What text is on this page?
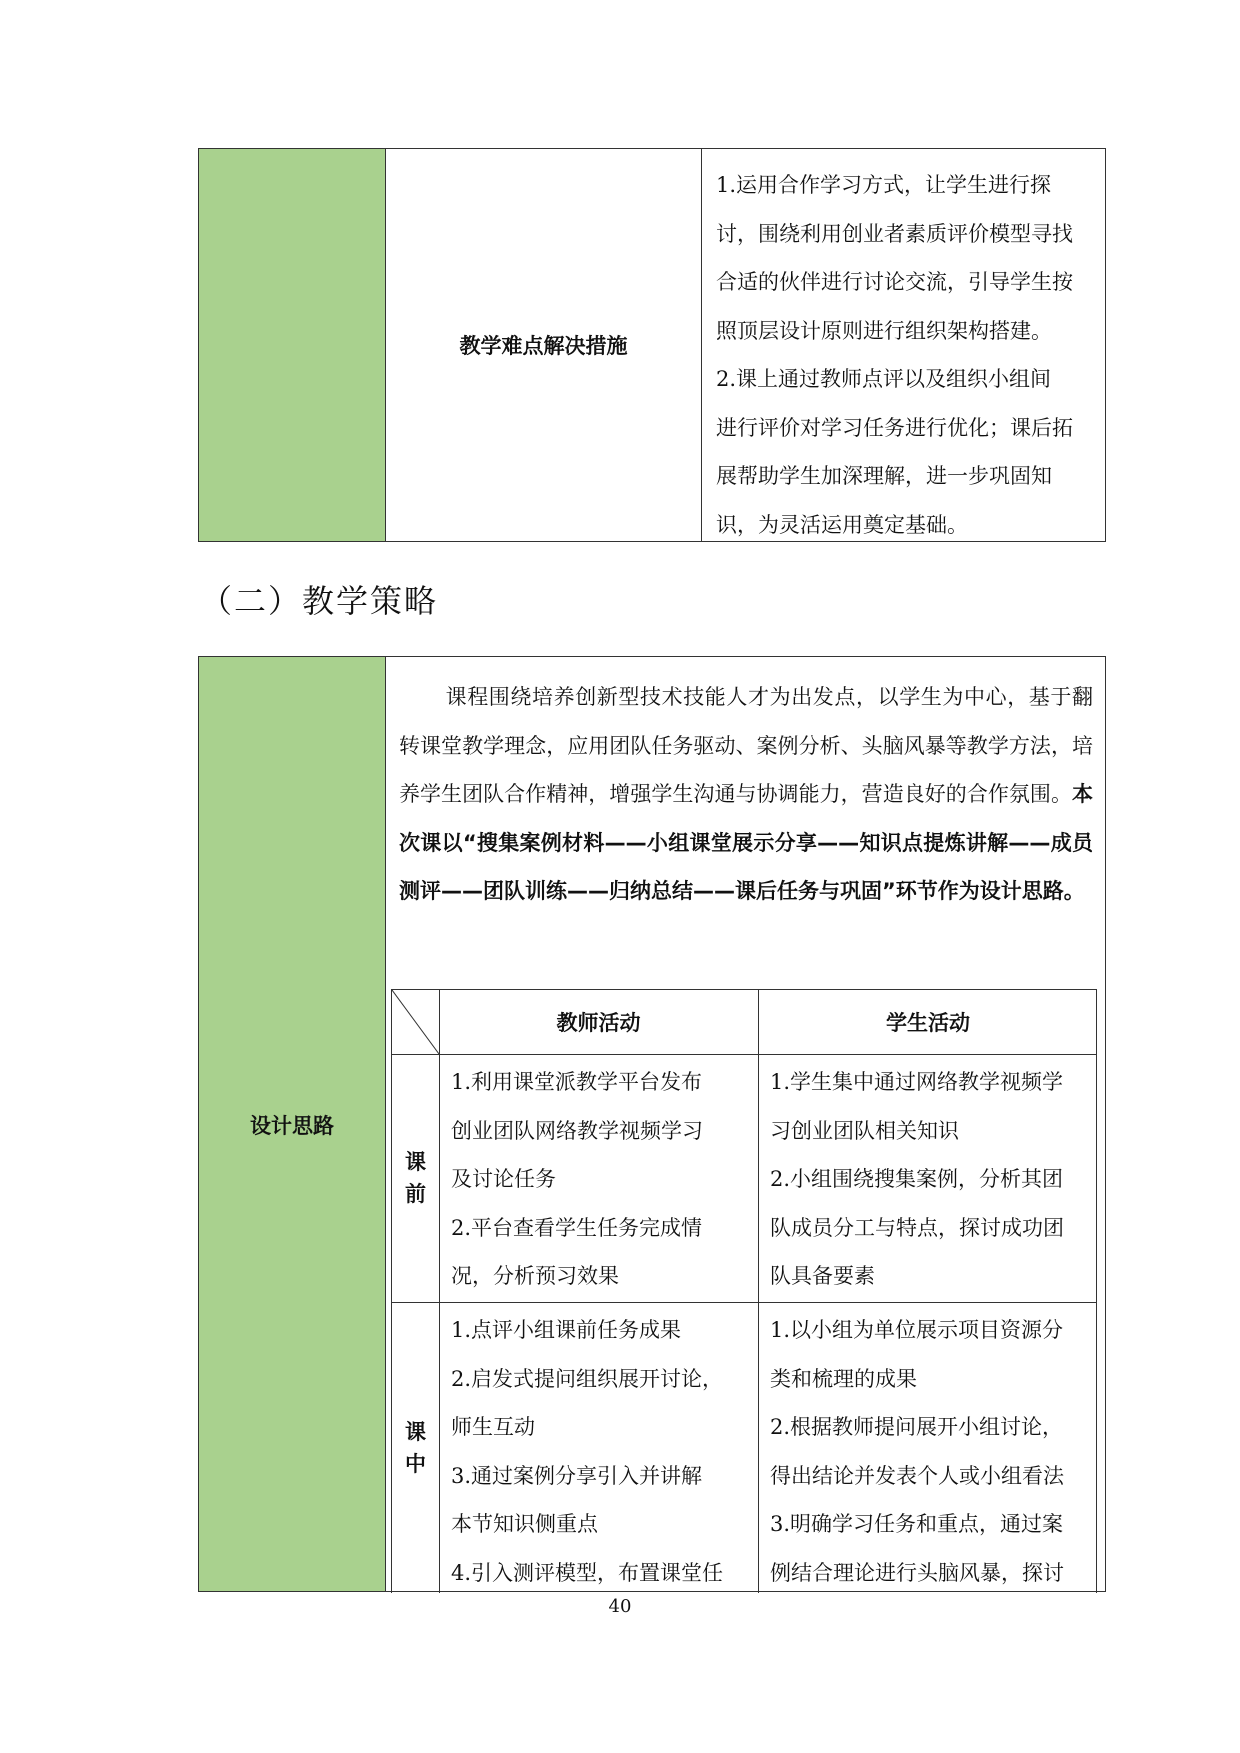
教学难点解决措施
1.运用合作学习方式，让学生进行探
讨，围绕利用创业者素质评价模型寻找
合适的伙伴进行讨论交流，引导学生按
照顶层设计原则进行组织架构搭建。
2.课上通过教师点评以及组织小组间
进行评价对学习任务进行优化；课后拓
展帮助学生加深理解，进一步巩固知
识，为灵活运用奠定基础。
（二）教学策略
设计思路
课程围绕培养创新型技术技能人才为出发点，以学生为中心，基于翻转课堂教学理念，应用团队任务驱动、案例分析、头脑风暴等教学方法，培养学生团队合作精神，增强学生沟通与协调能力，营造良好的合作氛围。本次课以“搜集案例材料——小组课堂展示分享——知识点提炼讲解——成员测评——团队训练——归纳总结——课后任务与巩固”环节作为设计思路。
教师活动	学生活动
课前
1.利用课堂派教学平台发布
创业团队网络教学视频学习
及讨论任务
2.平台查看学生任务完成情
况，分析预习效果
1.学生集中通过网络教学视频学
习创业团队相关知识
2.小组围绕搜集案例，分析其团
队成员分工与特点，探讨成功团
队具备要素
课中
1.点评小组课前任务成果
2.启发式提问组织展开讨论，
师生互动
3.通过案例分享引入并讲解
本节知识侧重点
4.引入测评模型，布置课堂任
1.以小组为单位展示项目资源分
类和梳理的成果
2.根据教师提问展开小组讨论，
得出结论并发表个人或小组看法
3.明确学习任务和重点，通过案
例结合理论进行头脑风暴，探讨
40
